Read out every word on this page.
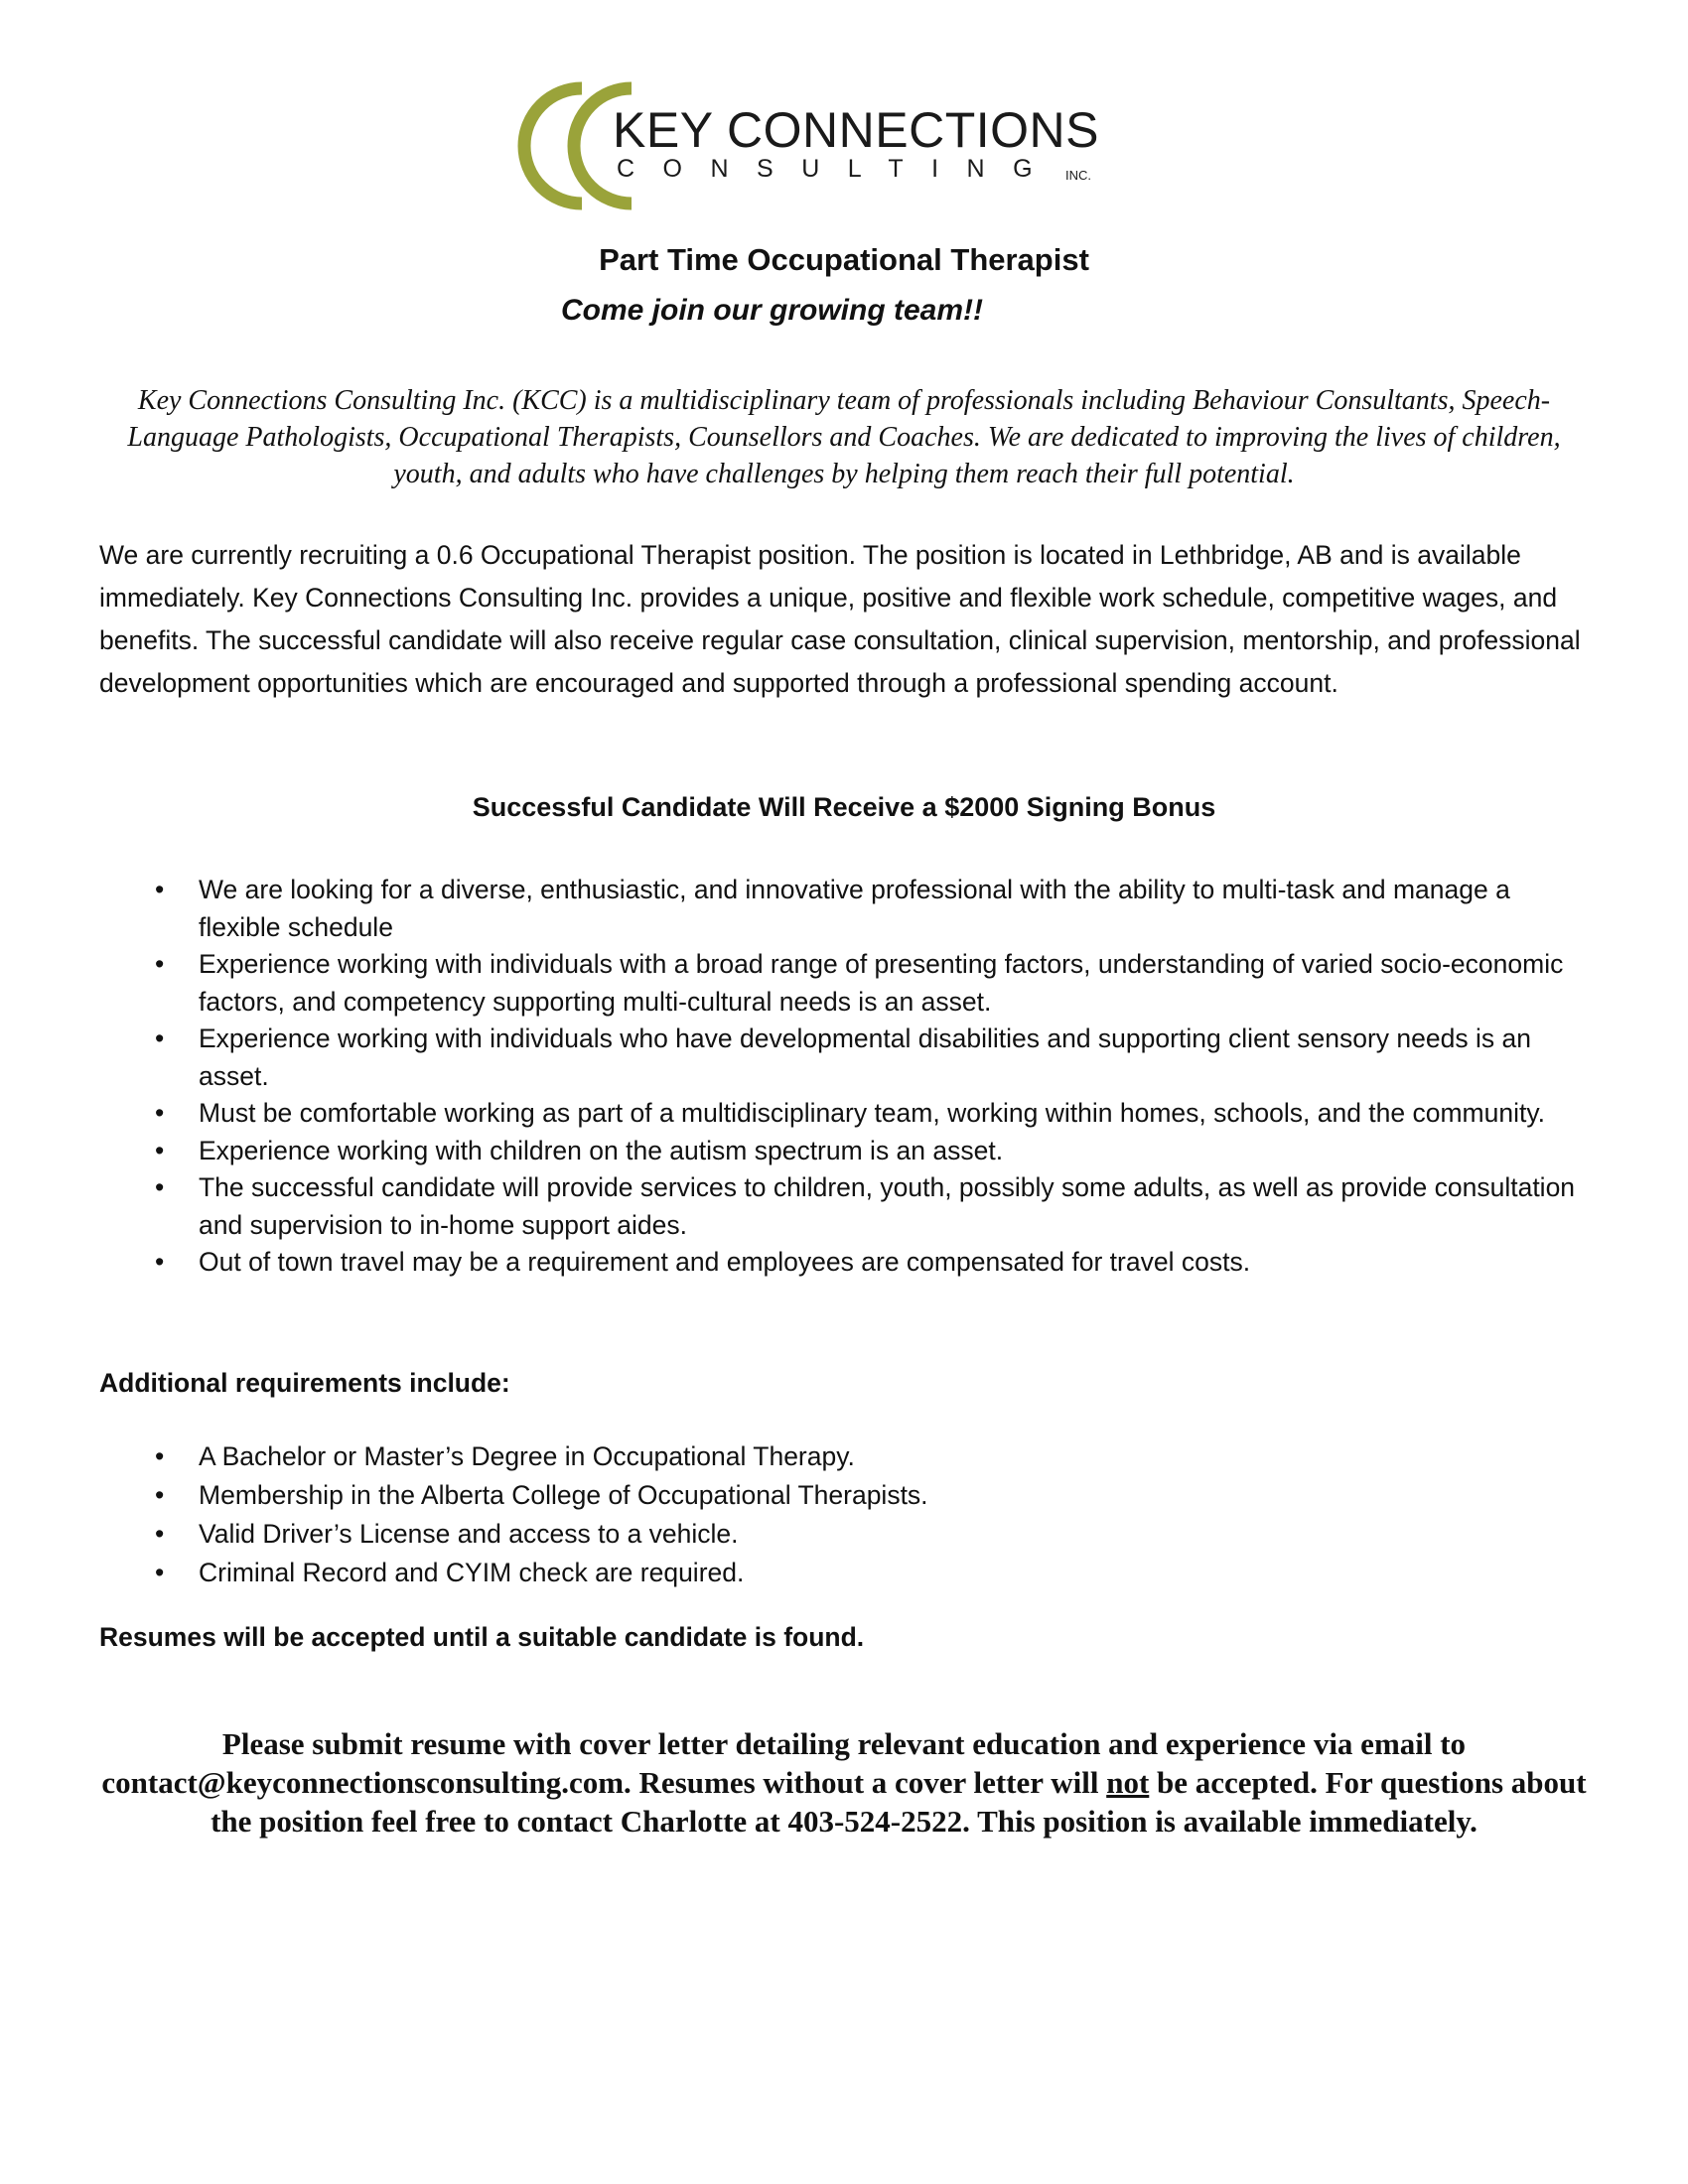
KEY CONNECTIONS
CONSULTING INC.
Part Time Occupational Therapist
Come join our growing team!!
Key Connections Consulting Inc. (KCC) is a multidisciplinary team of professionals including Behaviour Consultants, Speech-Language Pathologists, Occupational Therapists, Counsellors and Coaches. We are dedicated to improving the lives of children, youth, and adults who have challenges by helping them reach their full potential.
We are currently recruiting a 0.6 Occupational Therapist position. The position is located in Lethbridge, AB and is available immediately. Key Connections Consulting Inc. provides a unique, positive and flexible work schedule, competitive wages, and benefits. The successful candidate will also receive regular case consultation, clinical supervision, mentorship, and professional development opportunities which are encouraged and supported through a professional spending account.
Successful Candidate Will Receive a $2000 Signing Bonus
• We are looking for a diverse, enthusiastic, and innovative professional with the ability to multi-task and manage a flexible schedule
• Experience working with individuals with a broad range of presenting factors, understanding of varied socio-economic factors, and competency supporting multi-cultural needs is an asset.
• Experience working with individuals who have developmental disabilities and supporting client sensory needs is an asset.
• Must be comfortable working as part of a multidisciplinary team, working within homes, schools, and the community.
• Experience working with children on the autism spectrum is an asset.
• The successful candidate will provide services to children, youth, possibly some adults, as well as provide consultation and supervision to in-home support aides.
• Out of town travel may be a requirement and employees are compensated for travel costs.
Additional requirements include:
• A Bachelor or Master’s Degree in Occupational Therapy.
• Membership in the Alberta College of Occupational Therapists.
• Valid Driver’s License and access to a vehicle.
• Criminal Record and CYIM check are required.
Resumes will be accepted until a suitable candidate is found.
Please submit resume with cover letter detailing relevant education and experience via email to contact@keyconnectionsconsulting.com. Resumes without a cover letter will not be accepted. For questions about the position feel free to contact Charlotte at 403-524-2522. This position is available immediately.
